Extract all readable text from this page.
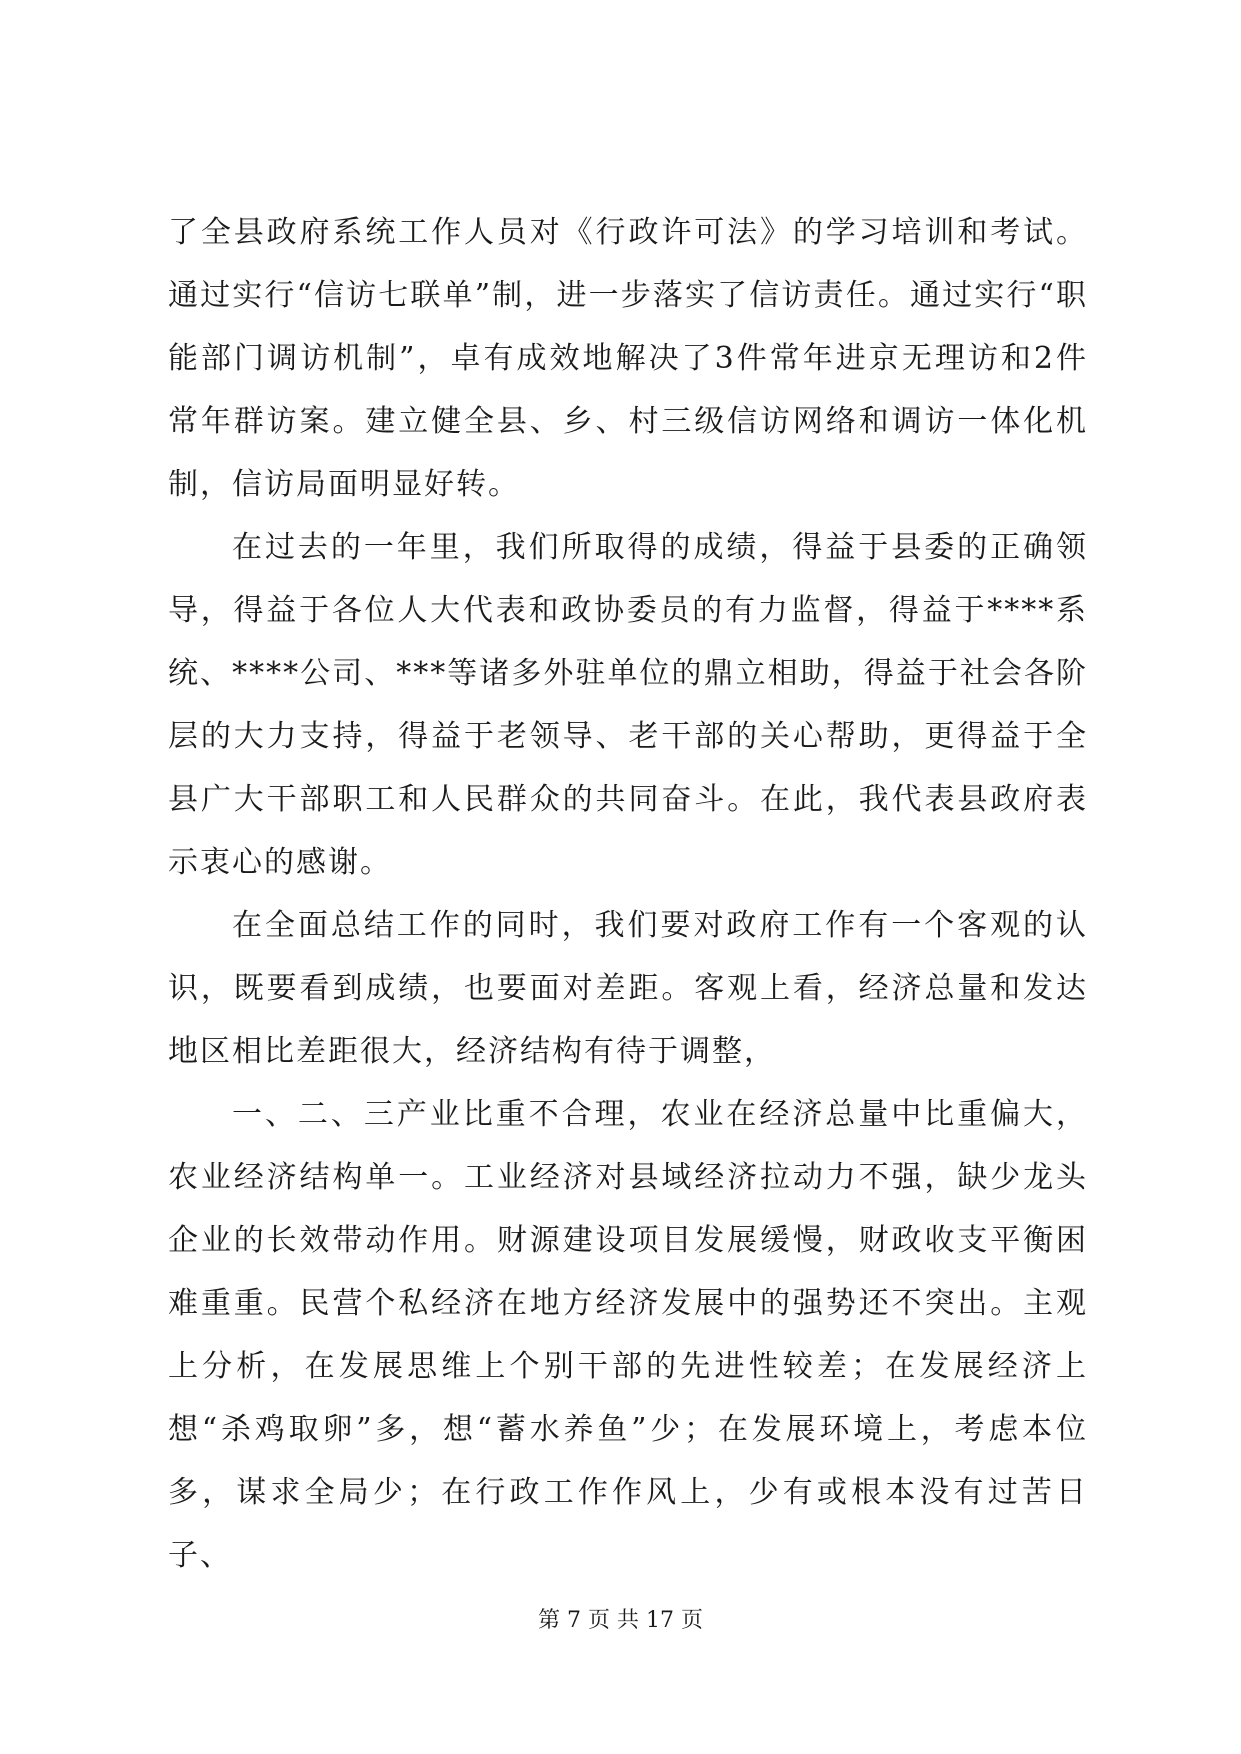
了全县政府系统工作人员对《行政许可法》的学习培训和考试。通过实行“信访七联单”制，进一步落实了信访责任。通过实行“职能部门调访机制”，卓有成效地解决了3件常年进京无理访和2件常年群访案。建立健全县、乡、村三级信访网络和调访一体化机制，信访局面明显好转。

在过去的一年里，我们所取得的成绩，得益于县委的正确领导，得益于各位人大代表和政协委员的有力监督，得益于****系统、****公司、***等诸多外驻单位的鼎立相助，得益于社会各阶层的大力支持，得益于老领导、老干部的关心帮助，更得益于全县广大干部职工和人民群众的共同奋斗。在此，我代表县政府表示衷心的感谢。

在全面总结工作的同时，我们要对政府工作有一个客观的认识，既要看到成绩，也要面对差距。客观上看，经济总量和发达地区相比差距很大，经济结构有待于调整，

一、二、三产业比重不合理，农业在经济总量中比重偏大，农业经济结构单一。工业经济对县域经济拉动力不强，缺少龙头企业的长效带动作用。财源建设项目发展缓慢，财政收支平衡困难重重。民营个私经济在地方经济发展中的强势还不突出。主观上分析，在发展思维上个别干部的先进性较差；在发展经济上想“杀鸡取卵”多，想“蓄水养鱼”少；在发展环境上，考虑本位多，谋求全局少；在行政工作作风上，少有或根本没有过苦日子、

第 7 页 共 17 页
